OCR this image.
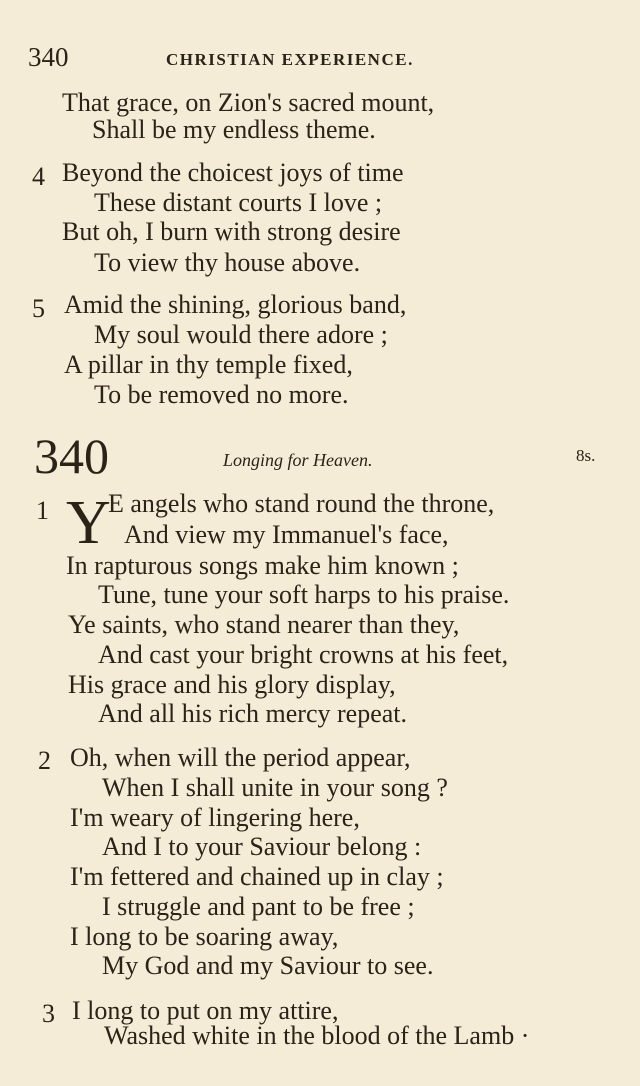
340	CHRISTIAN EXPERIENCE.
That grace, on Zion's sacred mount,
Shall be my endless theme.
4 Beyond the choicest joys of time
These distant courts I love ;
But oh, I burn with strong desire
To view thy house above.
5 Amid the shining, glorious band,
My soul would there adore ;
A pillar in thy temple fixed,
To be removed no more.
340	Longing for Heaven.	8s.
1 Y
E angels who stand round the throne,
And view my Immanuel's face,
In rapturous songs make him known ;
Tune, tune your soft harps to his praise.
Ye saints, who stand nearer than they,
And cast your bright crowns at his feet,
His grace and his glory display,
And all his rich mercy repeat.
2 Oh, when will the period appear,
When I shall unite in your song ?
I'm weary of lingering here,
And I to your Saviour belong :
I'm fettered and chained up in clay ;
I struggle and pant to be free ;
I long to be soaring away,
My God and my Saviour to see.
3 I long to put on my attire,
Washed white in the blood of the Lamb ·
